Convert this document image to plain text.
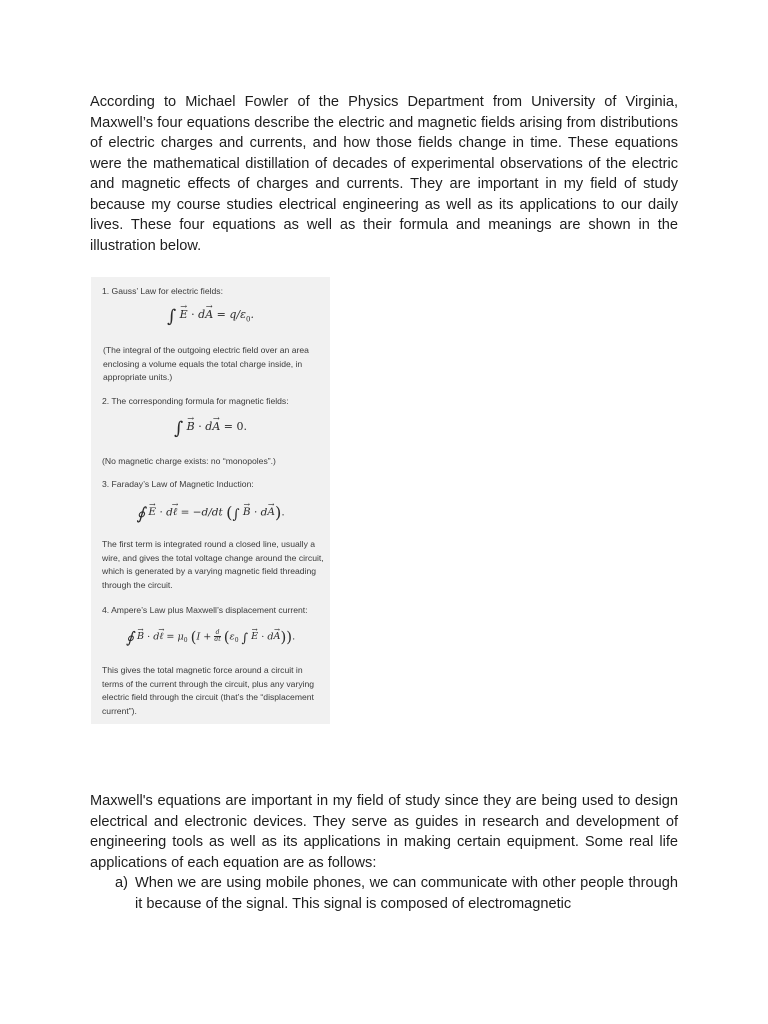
According to Michael Fowler of the Physics Department from University of Virginia, Maxwell’s four equations describe the electric and magnetic fields arising from distributions of electric charges and currents, and how those fields change in time. These equations were the mathematical distillation of decades of experimental observations of the electric and magnetic effects of charges and currents. They are important in my field of study because my course studies electrical engineering as well as its applications to our daily lives. These four equations as well as their formula and meanings are shown in the illustration below.

1. Gauss’ Law for electric fields:

∫ → $E \cdot d\to A = q/\varepsilon_0$.

(The integral of the outgoing electric field over an area enclosing a volume equals the total charge inside, in appropriate units.)

2. The corresponding formula for magnetic fields:

∫ → B · d→ A = 0.

(No magnetic charge exists: no “monopoles”.)

3. Faraday’s Law of Magnetic Induction:

∮ → E · d→ ℓ = −d/dt (∫ → B · d→ A).

The first term is integrated round a closed line, usually a wire, and gives the total voltage change around the circuit, which is generated by a varying magnetic field threading through the circuit.

4. Ampere’s Law plus Maxwell’s displacement current:

∮ → B · d→ ℓ = $\mu_0$ ($I + \frac{d}{dt} (\varepsilon_0$ ∫ → E · d→ A)).

This gives the total magnetic force around a circuit in terms of the current through the circuit, plus any varying electric field through the circuit (that’s the “displacement current”).

Maxwell's equations are important in my field of study since they are being used to design electrical and electronic devices. They serve as guides in research and development of engineering tools as well as its applications in making certain equipment. Some real life applications of each equation are as follows:

a) When we are using mobile phones, we can communicate with other people through it because of the signal. This signal is composed of electromagnetic
